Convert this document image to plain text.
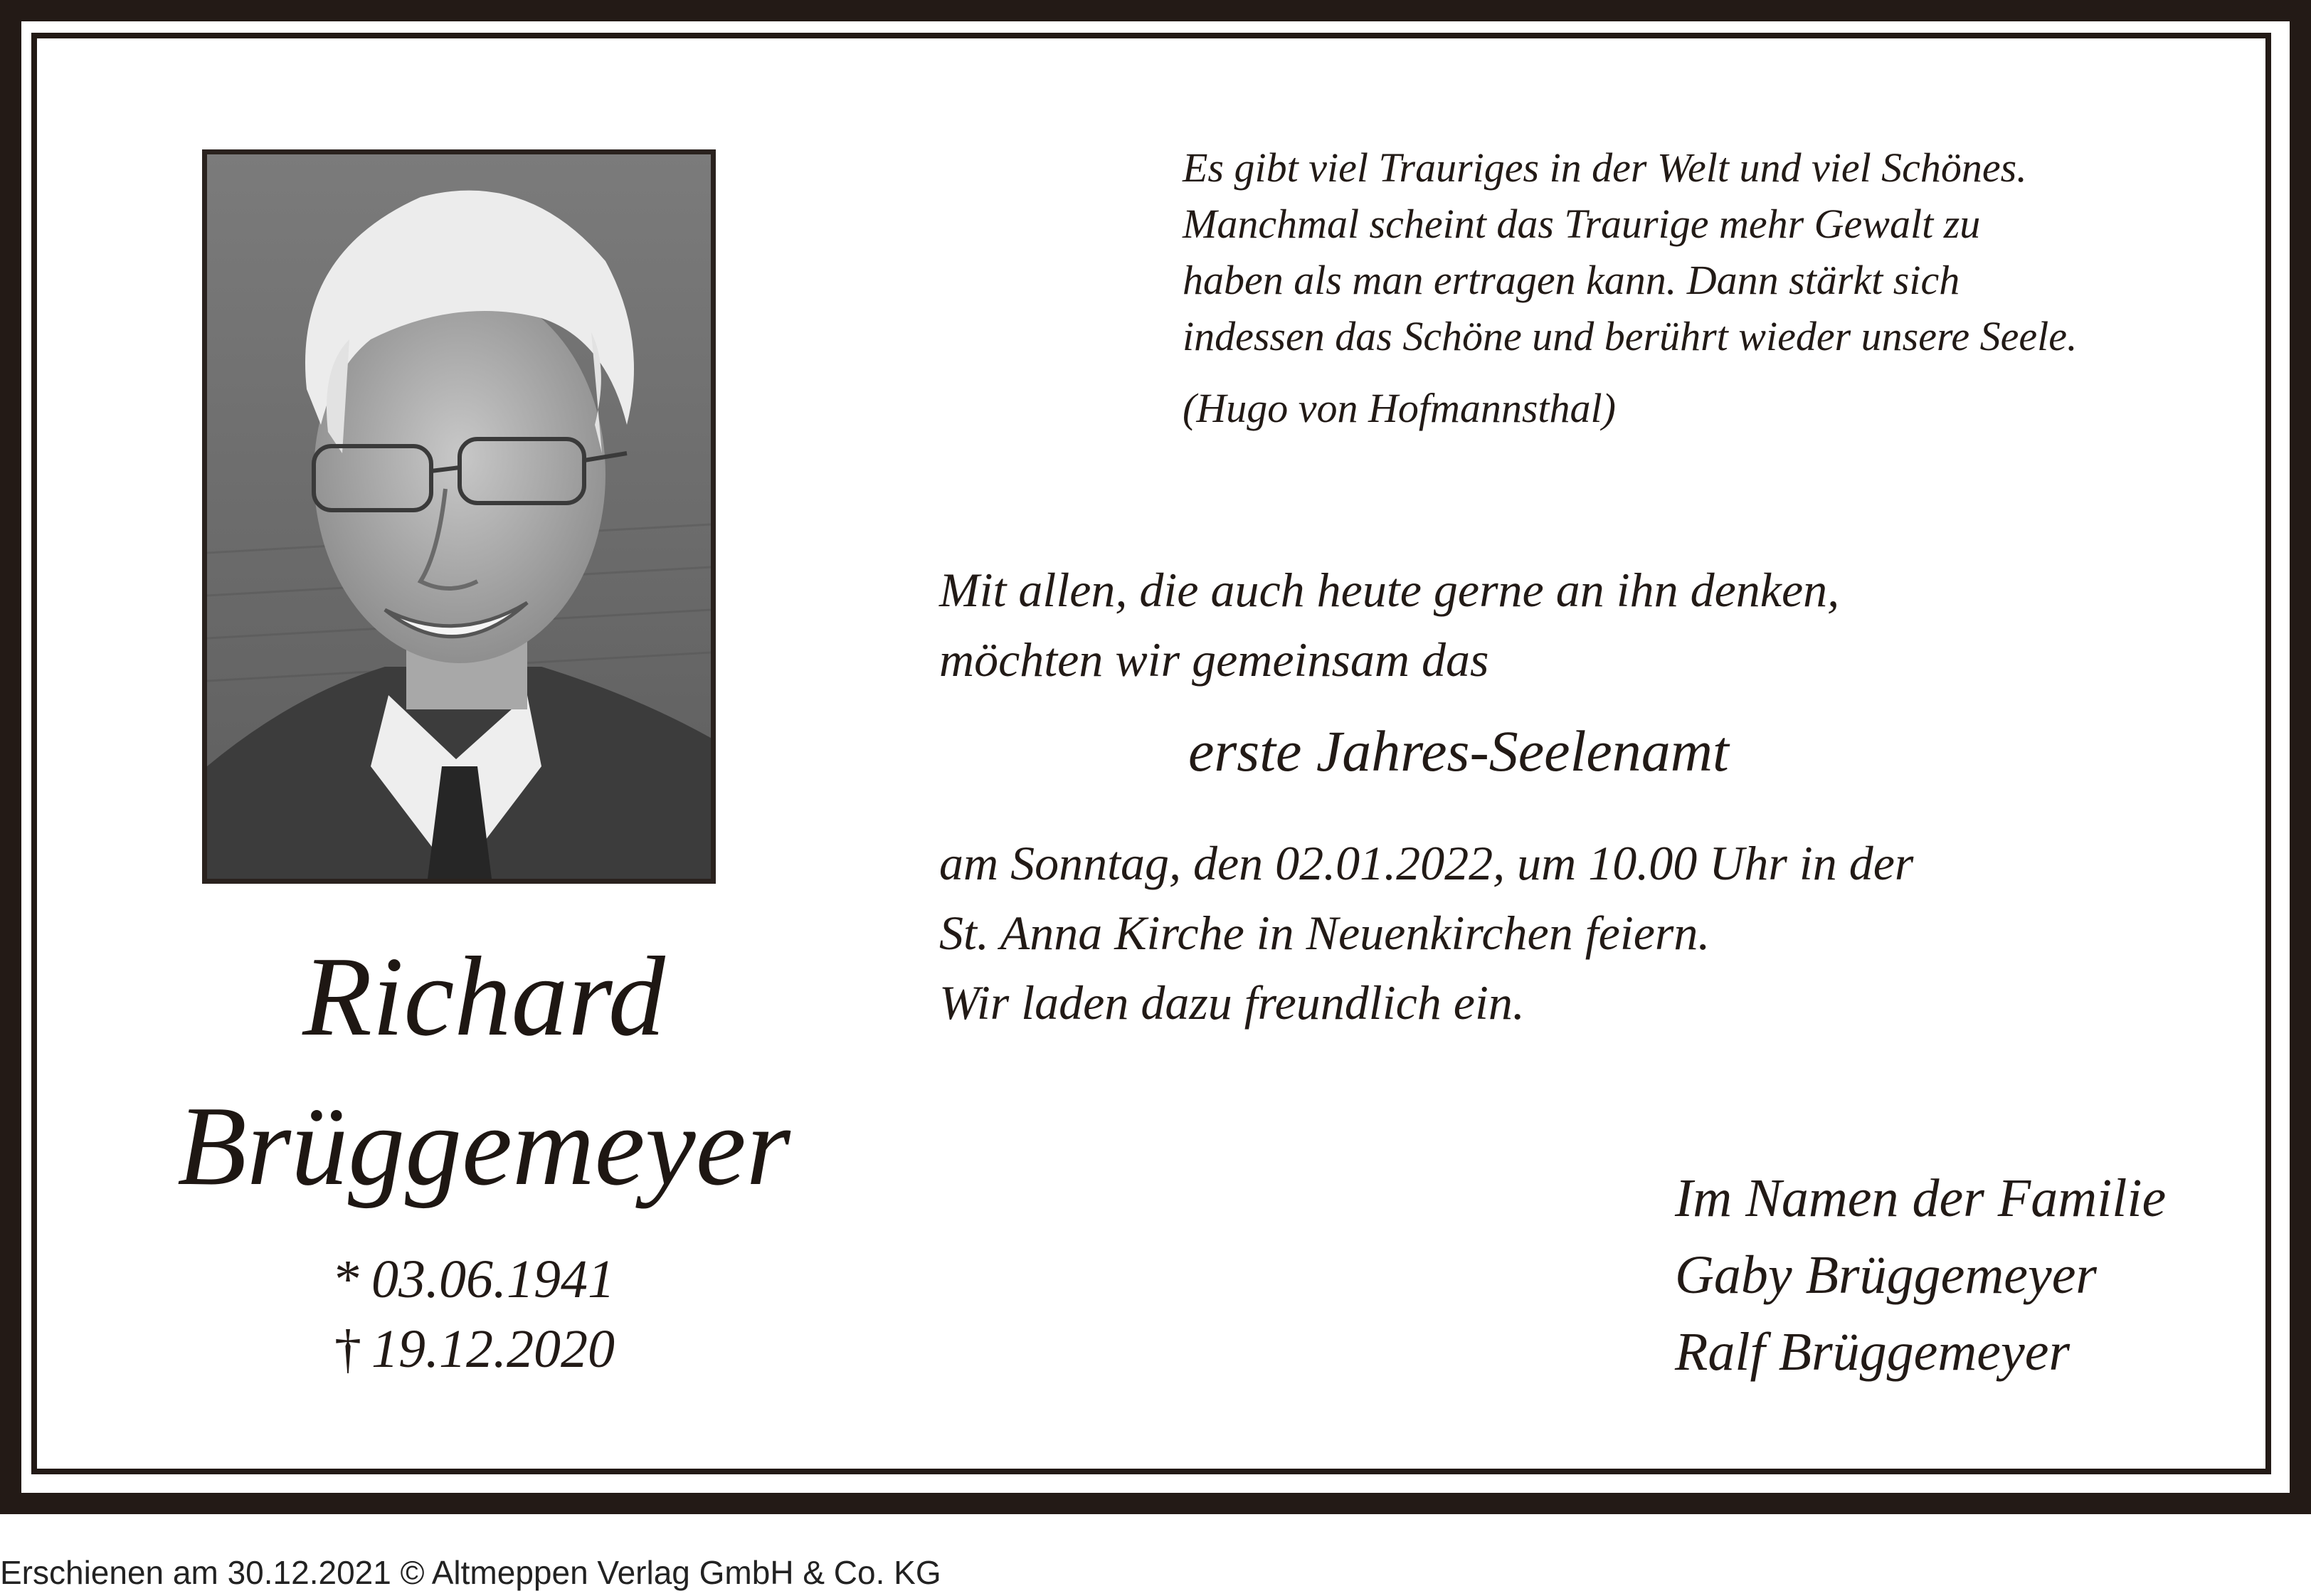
Richard
Brüggemeyer
* 03.06.1941
† 19.12.2020
Es gibt viel Trauriges in der Welt und viel Schönes.
Manchmal scheint das Traurige mehr Gewalt zu
haben als man ertragen kann. Dann stärkt sich
indessen das Schöne und berührt wieder unsere Seele.
(Hugo von Hofmannsthal)
Mit allen, die auch heute gerne an ihn denken,
möchten wir gemeinsam das
erste Jahres-Seelenamt
am Sonntag, den 02.01.2022, um 10.00 Uhr in der
St. Anna Kirche in Neuenkirchen feiern.
Wir laden dazu freundlich ein.
Im Namen der Familie
Gaby Brüggemeyer
Ralf Brüggemeyer
Erschienen am 30.12.2021 © Altmeppen Verlag GmbH & Co. KG
